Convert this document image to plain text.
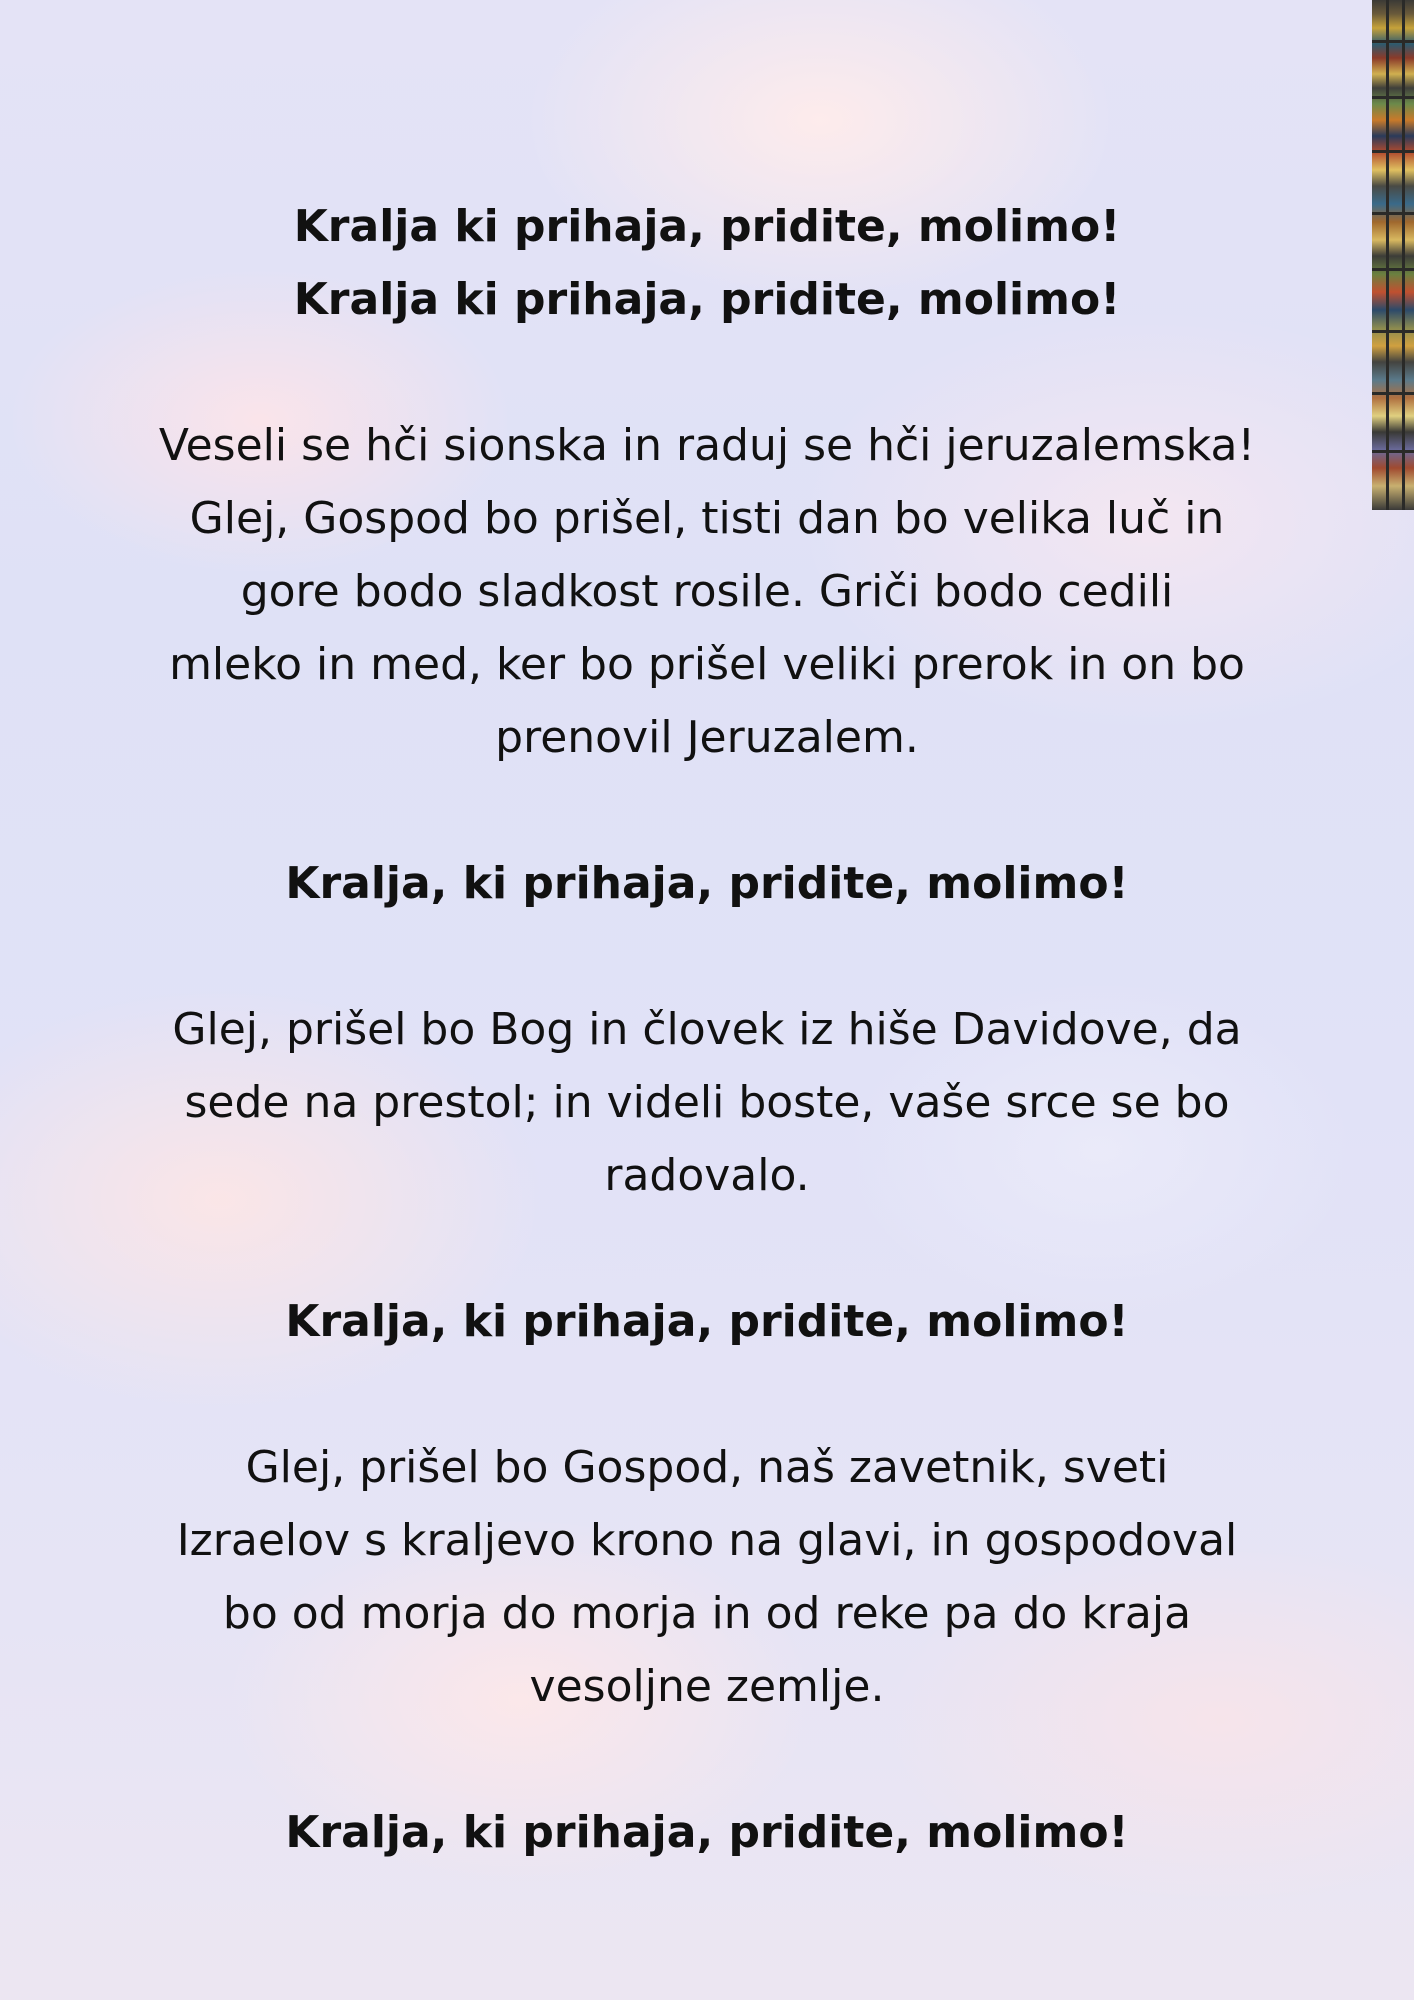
Kralja ki prihaja, pridite, molimo!

Kralja ki prihaja, pridite, molimo!

Veseli se hči sionska in raduj se hči jeruzalemska!

Glej, Gospod bo prišel, tisti dan bo velika luč in

gore bodo sladkost rosile. Griči bodo cedili

mleko in med, ker bo prišel veliki prerok in on bo

prenovil Jeruzalem.

Kralja, ki prihaja, pridite, molimo!

Glej, prišel bo Bog in človek iz hiše Davidove, da

sede na prestol; in videli boste, vaše srce se bo

radovalo.

Kralja, ki prihaja, pridite, molimo!

Glej, prišel bo Gospod, naš zavetnik, sveti

Izraelov s kraljevo krono na glavi, in gospodoval

bo od morja do morja in od reke pa do kraja

vesoljne zemlje.

Kralja, ki prihaja, pridite, molimo!
